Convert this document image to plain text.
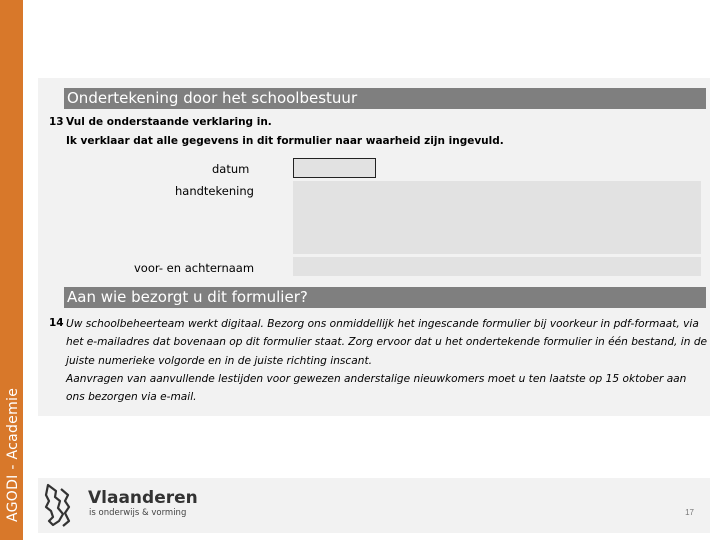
AGODI - Academie
Ondertekening door het schoolbestuur
13 Vul de onderstaande verklaring in.
Ik verklaar dat alle gegevens in dit formulier naar waarheid zijn ingevuld.
datum
handtekening
voor- en achternaam
Aan wie bezorgt u dit formulier?
14 Uw schoolbeheerteam werkt digitaal. Bezorg ons onmiddellijk het ingescande formulier bij voorkeur in pdf-formaat, via
het e-mailadres dat bovenaan op dit formulier staat. Zorg ervoor dat u het ondertekende formulier in één bestand, in de
juiste numerieke volgorde en in de juiste richting inscant.
Aanvragen van aanvullende lestijden voor gewezen anderstalige nieuwkomers moet u ten laatste op 15 oktober aan
ons bezorgen via e-mail.
Vlaanderen
is onderwijs & vorming	17
